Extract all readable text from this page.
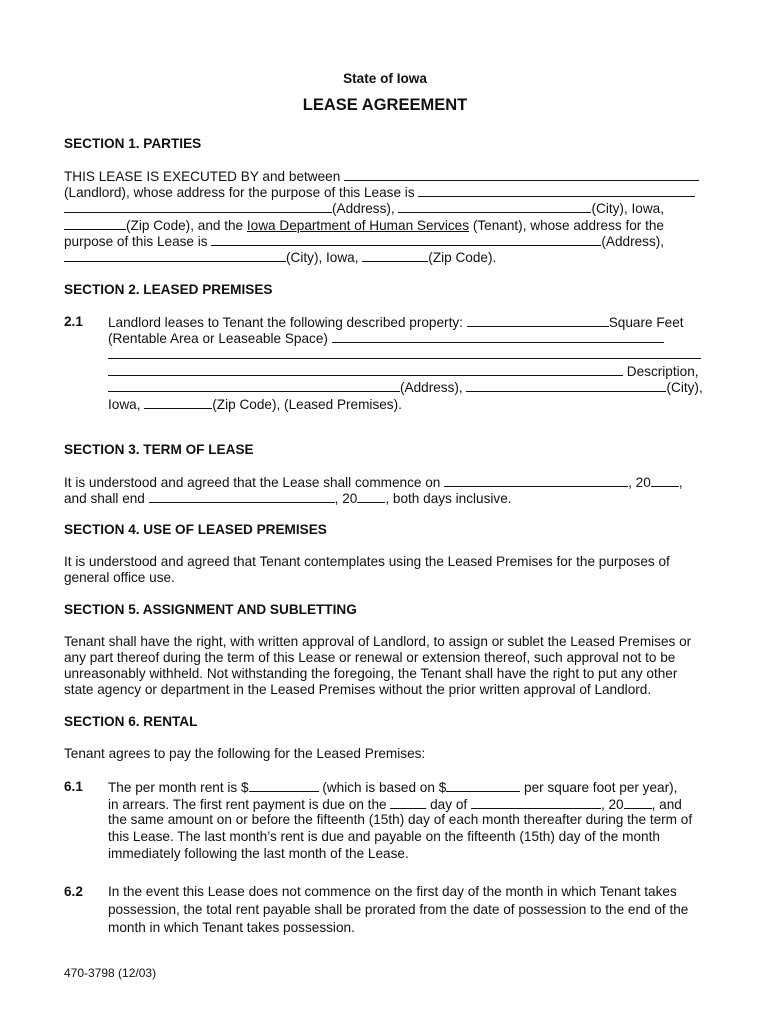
State of Iowa
LEASE AGREEMENT
SECTION 1. PARTIES
THIS LEASE IS EXECUTED BY and between
(Landlord), whose address for the purpose of this Lease is
(Address),	(City), Iowa,
(Zip Code), and the Iowa Department of Human Services (Tenant), whose address for the
purpose of this Lease is	(Address),
(City), Iowa,	(Zip Code).
SECTION 2. LEASED PREMISES
2.1 Landlord leases to Tenant the following described property:	Square Feet
(Rentable Area or Leaseable Space)
Description,
(Address),	(City),
Iowa,	(Zip Code), (Leased Premises).
SECTION 3. TERM OF LEASE
It is understood and agreed that the Lease shall commence on	, 20 ,
and shall end	, 20 , both days inclusive.
SECTION 4. USE OF LEASED PREMISES
It is understood and agreed that Tenant contemplates using the Leased Premises for the purposes of
general office use.
SECTION 5. ASSIGNMENT AND SUBLETTING
Tenant shall have the right, with written approval of Landlord, to assign or sublet the Leased Premises or
any part thereof during the term of this Lease or renewal or extension thereof, such approval not to be
unreasonably withheld. Not withstanding the foregoing, the Tenant shall have the right to put any other
state agency or department in the Leased Premises without the prior written approval of Landlord.
SECTION 6. RENTAL
Tenant agrees to pay the following for the Leased Premises:
6.1 The per month rent is $	(which is based on $	per square foot per year),
in arrears. The first rent payment is due on the	day of	, 20 , and
the same amount on or before the fifteenth (15th) day of each month thereafter during the term of
this Lease. The last month’s rent is due and payable on the fifteenth (15th) day of the month
immediately following the last month of the Lease.
6.2 In the event this Lease does not commence on the first day of the month in which Tenant takes
possession, the total rent payable shall be prorated from the date of possession to the end of the
month in which Tenant takes possession.
470-3798 (12/03)
